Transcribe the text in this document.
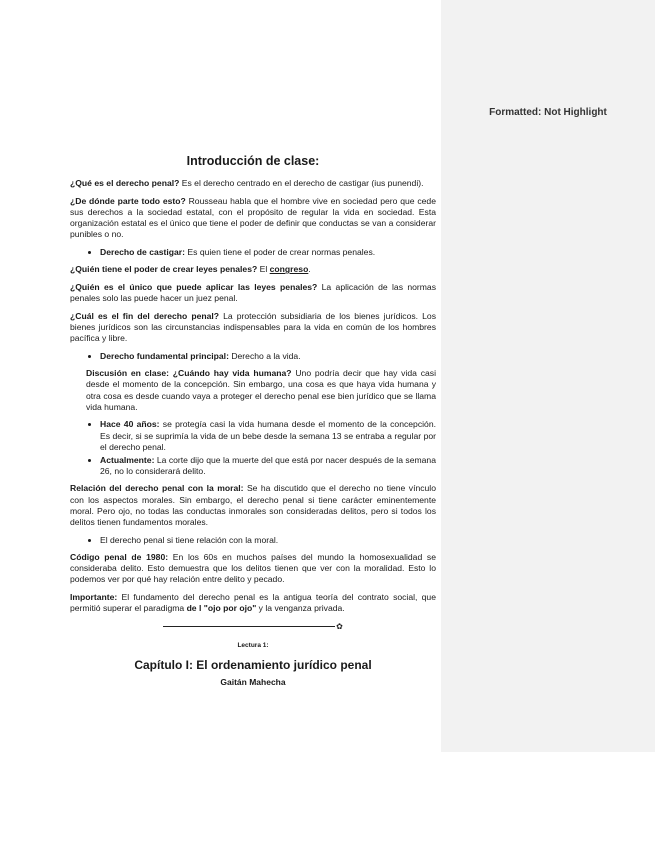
Formatted: Not Highlight

Introducción de clase:

¿Qué es el derecho penal? Es el derecho centrado en el derecho de castigar (ius punendi).

¿De dónde parte todo esto? Rousseau habla que el hombre vive en sociedad pero que cede sus derechos a la sociedad estatal, con el propósito de regular la vida en sociedad. Esta organización estatal es el único que tiene el poder de definir que conductas se van a considerar punibles o no.

• Derecho de castigar: Es quien tiene el poder de crear normas penales.

¿Quién tiene el poder de crear leyes penales? El congreso.

¿Quién es el único que puede aplicar las leyes penales? La aplicación de las normas penales solo las puede hacer un juez penal.

¿Cuál es el fin del derecho penal? La protección subsidiaria de los bienes jurídicos. Los bienes jurídicos son las circunstancias indispensables para la vida en común de los hombres pacífica y libre.

• Derecho fundamental principal: Derecho a la vida.

Discusión en clase: ¿Cuándo hay vida humana? Uno podría decir que hay vida casi desde el momento de la concepción. Sin embargo, una cosa es que haya vida humana y otra cosa es desde cuando vaya a proteger el derecho penal ese bien jurídico que se llama vida humana.

• Hace 40 años: se protegía casi la vida humana desde el momento de la concepción. Es decir, si se suprimía la vida de un bebe desde la semana 13 se entraba a regular por el derecho penal.
• Actualmente: La corte dijo que la muerte del que está por nacer después de la semana 26, no lo considerará delito.

Relación del derecho penal con la moral: Se ha discutido que el derecho no tiene vínculo con los aspectos morales. Sin embargo, el derecho penal si tiene carácter eminentemente moral. Pero ojo, no todas las conductas inmorales son consideradas delitos, pero si todos los delitos tienen fundamentos morales.

• El derecho penal si tiene relación con la moral.

Código penal de 1980: En los 60s en muchos países del mundo la homosexualidad se consideraba delito. Esto demuestra que los delitos tienen que ver con la moralidad. Esto lo podemos ver por qué hay relación entre delito y pecado.

Importante: El fundamento del derecho penal es la antigua teoría del contrato social, que permitió superar el paradigma de l "ojo por ojo" y la venganza privada.

✿

Lectura 1:

Capítulo I: El ordenamiento jurídico penal

Gaitán Mahecha
